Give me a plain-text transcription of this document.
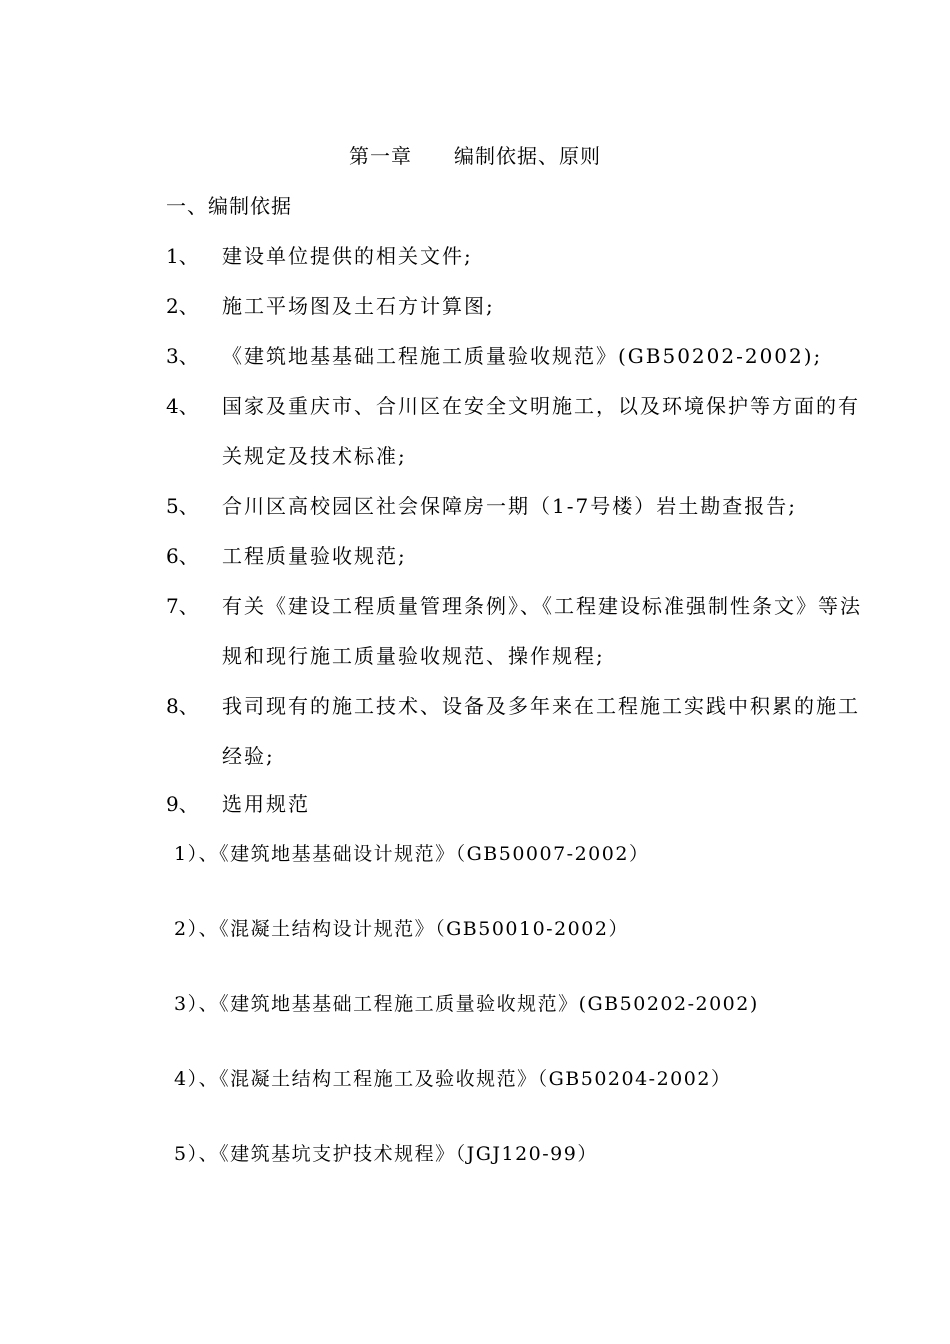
第一章　　编制依据、原则
一、编制依据
1、	建设单位提供的相关文件;
2、	施工平场图及土石方计算图;
3、	《建筑地基基础工程施工质量验收规范》(GB50202-2002);
4、	国家及重庆市、合川区在安全文明施工，以及环境保护等方面的有关规定及技术标准;
5、	合川区高校园区社会保障房一期（1-7号楼）岩土勘查报告;
6、	工程质量验收规范;
7、	有关《建设工程质量管理条例》、《工程建设标准强制性条文》等法规和现行施工质量验收规范、操作规程;
8、	我司现有的施工技术、设备及多年来在工程施工实践中积累的施工经验;
9、	选用规范
1）、《建筑地基基础设计规范》（GB50007-2002）
2）、《混凝土结构设计规范》（GB50010-2002）
3）、《建筑地基基础工程施工质量验收规范》(GB50202-2002)
4）、《混凝土结构工程施工及验收规范》（GB50204-2002）
5）、《建筑基坑支护技术规程》（JGJ120-99）
